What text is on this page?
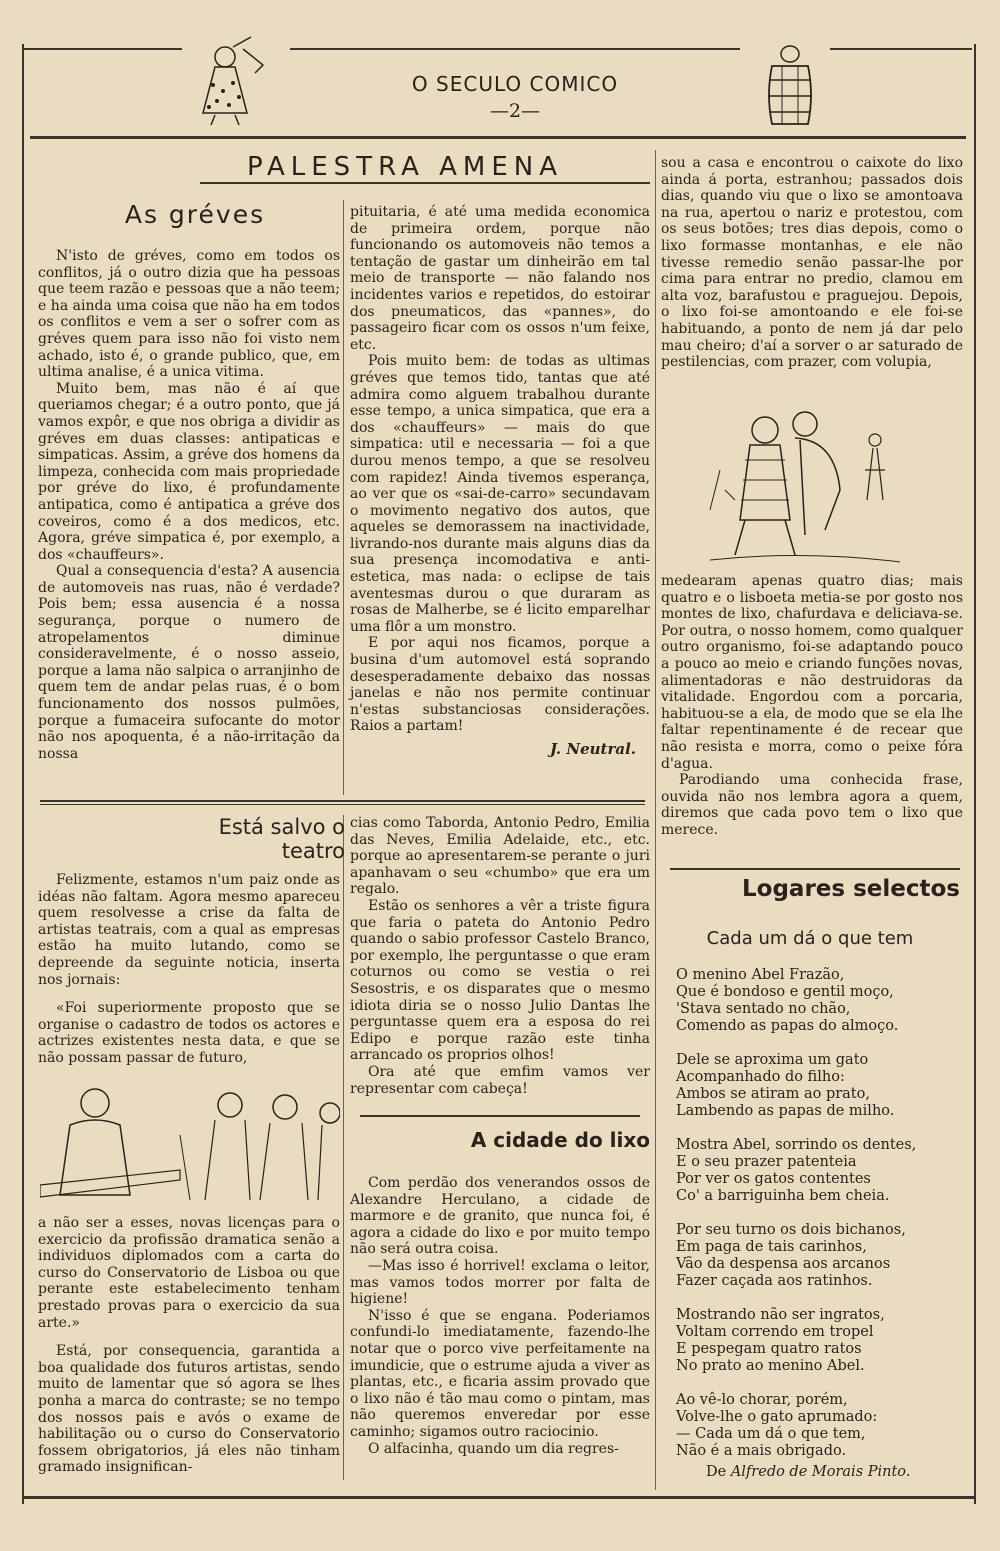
O SECULO COMICO
—2—
PALESTRA AMENA
As gréves

N'isto de gréves, como em todos os conflitos, já o outro dizia que ha pessoas que teem razão e pessoas que a não teem; e ha ainda uma coisa que não ha em todos os conflitos e vem a ser o sofrer com as gréves quem para isso não foi visto nem achado, isto é, o grande publico, que, em ultima analise, é a unica vitima.

Muito bem, mas não é aí que queriamos chegar; é a outro ponto, que já vamos expôr, e que nos obriga a dividir as gréves em duas classes: antipaticas e simpaticas. Assim, a gréve dos homens da limpeza, conhecida com mais propriedade por gréve do lixo, é profundamente antipatica, como é antipatica a gréve dos coveiros, como é a dos medicos, etc. Agora, gréve simpatica é, por exemplo, a dos «chauffeurs».

Qual a consequencia d'esta? A ausencia de automoveis nas ruas, não é verdade? Pois bem; essa ausencia é a nossa segurança, porque o numero de atropelamentos diminue consideravelmente, é o nosso asseio, porque a lama não salpica o arranjinho de quem tem de andar pelas ruas, é o bom funcionamento dos nossos pulmões, porque a fumaceira sufocante do motor não nos apoquenta, é a não-irritação da nossa

pituitaria, é até uma medida economica de primeira ordem, porque não funcionando os automoveis não temos a tentação de gastar um dinheirão em tal meio de transporte — não falando nos incidentes varios e repetidos, do estoirar dos pneumaticos, das «pannes», do passageiro ficar com os ossos n'um feixe, etc.

Pois muito bem: de todas as ultimas gréves que temos tido, tantas que até admira como alguem trabalhou durante esse tempo, a unica simpatica, que era a dos «chauffeurs» — mais do que simpatica: util e necessaria — foi a que durou menos tempo, a que se resolveu com rapidez! Ainda tivemos esperança, ao ver que os «sai-de-carro» secundavam o movimento negativo dos autos, que aqueles se demorassem na inactividade, livrando-nos durante mais alguns dias da sua presença incomodativa e anti-estetica, mas nada: o eclipse de tais aventesmas durou o que duraram as rosas de Malherbe, se é licito emparelhar uma flôr a um monstro.

E por aqui nos ficamos, porque a busina d'um automovel está soprando desesperadamente debaixo das nossas janelas e não nos permite continuar n'estas substanciosas considerações. Raios a partam!

J. Neutral.

sou a casa e encontrou o caixote do lixo ainda á porta, estranhou; passados dois dias, quando viu que o lixo se amontoava na rua, apertou o nariz e protestou, com os seus botões; tres dias depois, como o lixo formasse montanhas, e ele não tivesse remedio senão passar-lhe por cima para entrar no predio, clamou em alta voz, barafustou e praguejou. Depois, o lixo foi-se amontoando e ele foi-se habituando, a ponto de nem já dar pelo mau cheiro; d'aí a sorver o ar saturado de pestilencias, com prazer, com volupia,

medearam apenas quatro dias; mais quatro e o lisboeta metia-se por gosto nos montes de lixo, chafurdava e deliciava-se. Por outra, o nosso homem, como qualquer outro organismo, foi-se adaptando pouco a pouco ao meio e criando funções novas, alimentadoras e não destruidoras da vitalidade. Engordou com a porcaria, habituou-se a ela, de modo que se ela lhe faltar repentinamente é de recear que não resista e morra, como o peixe fóra d'agua.

Parodiando uma conhecida frase, ouvida não nos lembra agora a quem, diremos que cada povo tem o lixo que merece.

Está salvo o teatro

Felizmente, estamos n'um paiz onde as idéas não faltam. Agora mesmo apareceu quem resolvesse a crise da falta de artistas teatrais, com a qual as empresas estão ha muito lutando, como se depreende da seguinte noticia, inserta nos jornais:

«Foi superiormente proposto que se organise o cadastro de todos os actores e actrizes existentes nesta data, e que se não possam passar de futuro,

a não ser a esses, novas licenças para o exercicio da profissão dramatica senão a individuos diplomados com a carta do curso do Conservatorio de Lisboa ou que perante este estabelecimento tenham prestado provas para o exercicio da sua arte.»

Está, por consequencia, garantida a boa qualidade dos futuros artistas, sendo muito de lamentar que só agora se lhes ponha a marca do contraste; se no tempo dos nossos pais e avós o exame de habilitação ou o curso do Conservatorio fossem obrigatorios, já eles não tinham gramado insignifican-

cias como Taborda, Antonio Pedro, Emilia das Neves, Emilia Adelaide, etc., etc. porque ao apresentarem-se perante o juri apanhavam o seu «chumbo» que era um regalo.

Estão os senhores a vêr a triste figura que faria o pateta do Antonio Pedro quando o sabio professor Castelo Branco, por exemplo, lhe perguntasse o que eram coturnos ou como se vestia o rei Sesostris, e os disparates que o mesmo idiota diria se o nosso Julio Dantas lhe perguntasse quem era a esposa do rei Edipo e porque razão este tinha arrancado os proprios olhos!

Ora até que emfim vamos ver representar com cabeça!

A cidade do lixo

Com perdão dos venerandos ossos de Alexandre Herculano, a cidade de marmore e de granito, que nunca foi, é agora a cidade do lixo e por muito tempo não será outra coisa.

—Mas isso é horrivel! exclama o leitor, mas vamos todos morrer por falta de higiene!

N'isso é que se engana. Poderiamos confundi-lo imediatamente, fazendo-lhe notar que o porco vive perfeitamente na imundicie, que o estrume ajuda a viver as plantas, etc., e ficaria assim provado que o lixo não é tão mau como o pintam, mas não queremos enveredar por esse caminho; sigamos outro raciocinio.

O alfacinha, quando um dia regres-

Logares selectos
Cada um dá o que tem
O menino Abel Frazão,
Que é bondoso e gentil moço,
'Stava sentado no chão,
Comendo as papas do almoço.
Dele se aproxima um gato
Acompanhado do filho:
Ambos se atiram ao prato,
Lambendo as papas de milho.
Mostra Abel, sorrindo os dentes,
E o seu prazer patenteia
Por ver os gatos contentes
Co' a barriguinha bem cheia.
Por seu turno os dois bichanos,
Em paga de tais carinhos,
Vão da despensa aos arcanos
Fazer caçada aos ratinhos.
Mostrando não ser ingratos,
Voltam correndo em tropel
E pespegam quatro ratos
No prato ao menino Abel.
Ao vê-lo chorar, porém,
Volve-lhe o gato aprumado:
— Cada um dá o que tem,
Não é a mais obrigado.
De Alfredo de Morais Pinto.
